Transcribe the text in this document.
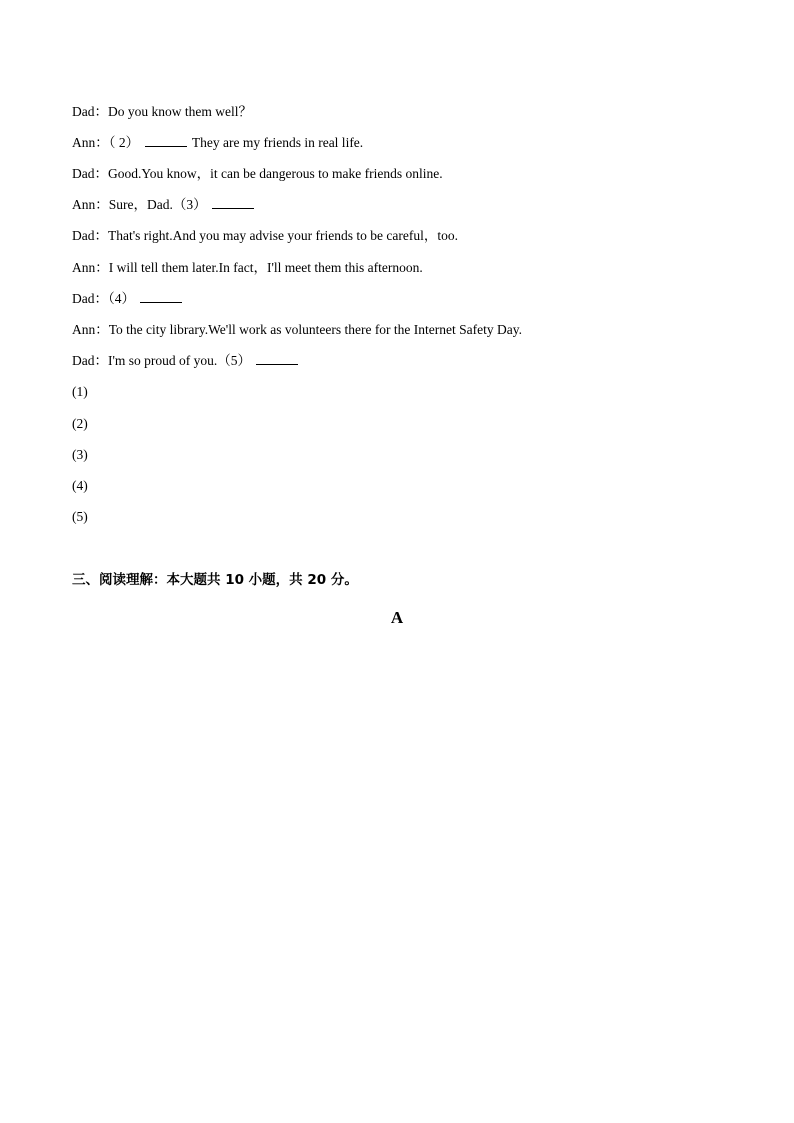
Dad：Do you know them well？
Ann：（ 2）	They are my friends in real life.
Dad：Good.You know，it can be dangerous to make friends online.
Ann：Sure，Dad.（3）
Dad：That's right.And you may advise your friends to be careful，too.
Ann：I will tell them later.In fact，I'll meet them this afternoon.
Dad：（4）
Ann：To the city library.We'll work as volunteers there for the Internet Safety Day.
Dad：I'm so proud of you.（5）
(1)
(2)
(3)
(4)
(5)
三、阅读理解：本大题共 10 小题，共 20 分。
A
